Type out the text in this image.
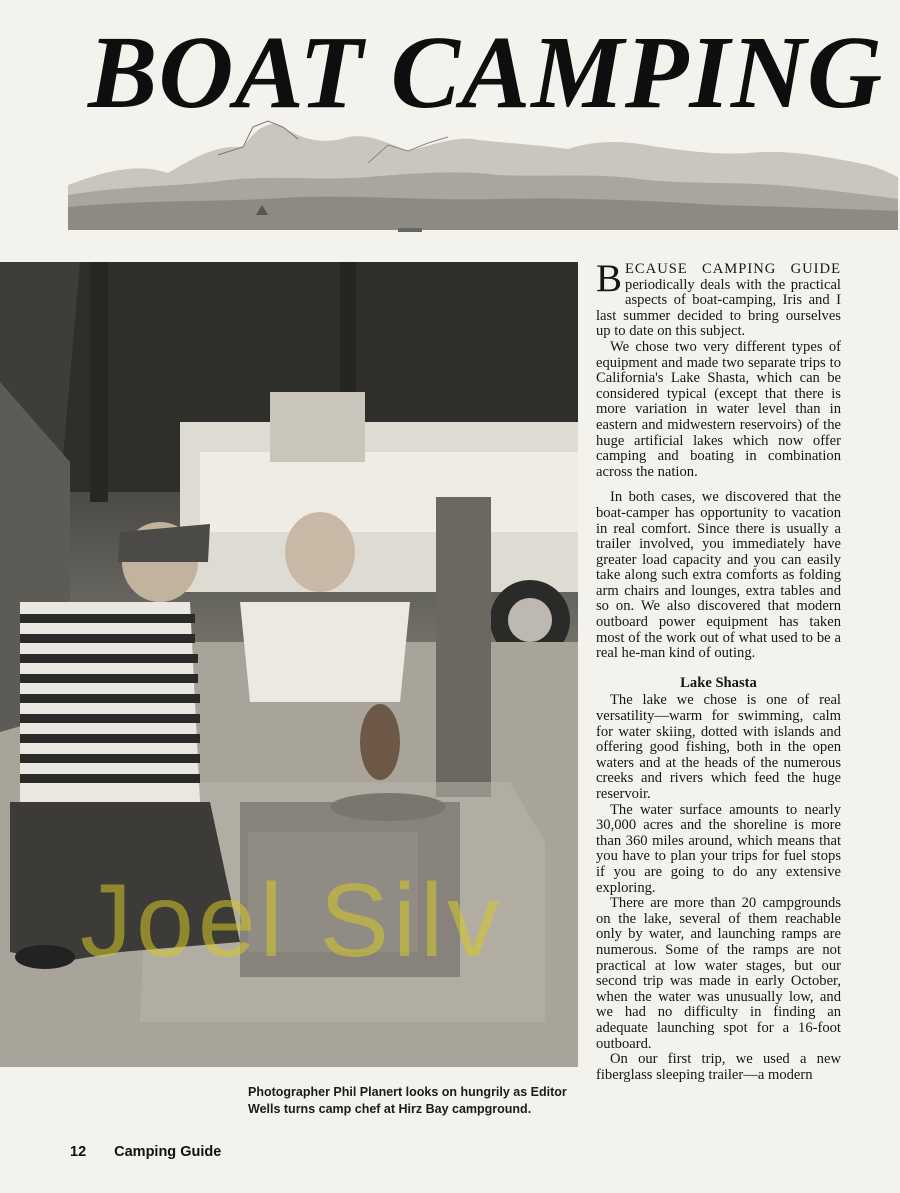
BOAT CAMPING
Joel Silv
Photographer Phil Planert looks on hungrily as Editor Wells turns camp chef at Hirz Bay campground.

BECAUSE CAMPING GUIDE periodically deals with the practical aspects of boat-camping, Iris and I last summer decided to bring ourselves up to date on this subject.

We chose two very different types of equipment and made two separate trips to California's Lake Shasta, which can be considered typical (except that there is more variation in water level than in eastern and midwestern reservoirs) of the huge artificial lakes which now offer camping and boating in combination across the nation.

In both cases, we discovered that the boat-camper has opportunity to vacation in real comfort. Since there is usually a trailer involved, you immediately have greater load capacity and you can easily take along such extra comforts as folding arm chairs and lounges, extra tables and so on. We also discovered that modern outboard power equipment has taken most of the work out of what used to be a real he-man kind of outing.

Lake Shasta

The lake we chose is one of real versatility—warm for swimming, calm for water skiing, dotted with islands and offering good fishing, both in the open waters and at the heads of the numerous creeks and rivers which feed the huge reservoir.

The water surface amounts to nearly 30,000 acres and the shoreline is more than 360 miles around, which means that you have to plan your trips for fuel stops if you are going to do any extensive exploring.

There are more than 20 campgrounds on the lake, several of them reachable only by water, and launching ramps are numerous. Some of the ramps are not practical at low water stages, but our second trip was made in early October, when the water was unusually low, and we had no difficulty in finding an adequate launching spot for a 16-foot outboard.

On our first trip, we used a new fiberglass sleeping trailer—a modern

12 Camping Guide
